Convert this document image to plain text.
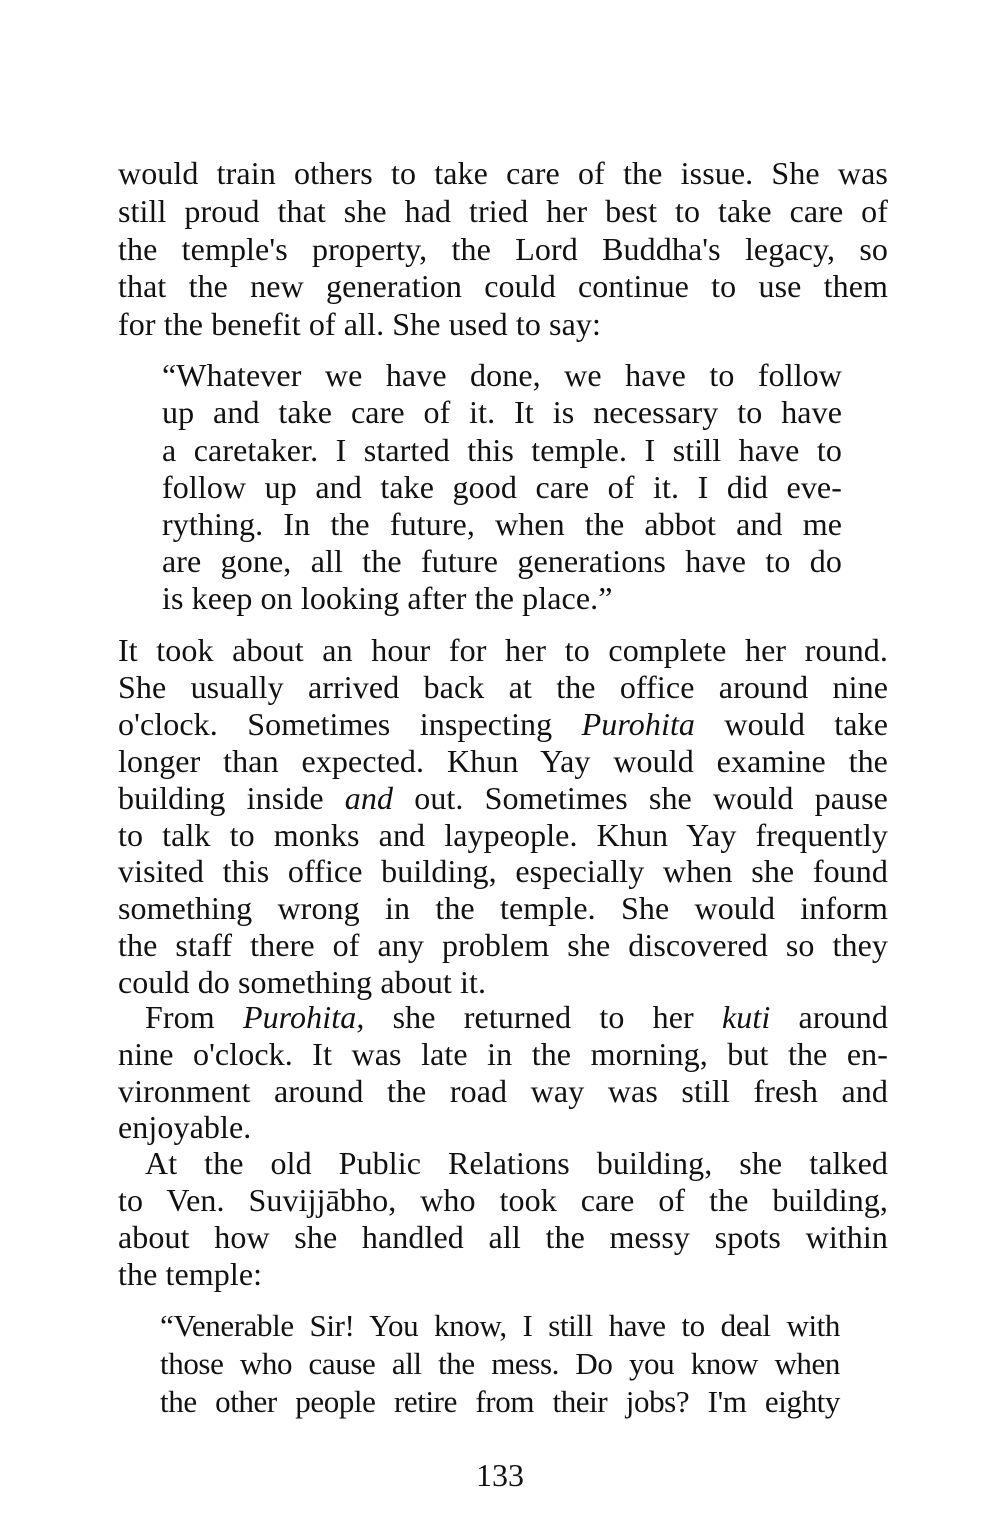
would train others to take care of the issue. She was
still proud that she had tried her best to take care of
the temple's property, the Lord Buddha's legacy, so
that the new generation could continue to use them
for the benefit of all. She used to say:
“Whatever we have done, we have to follow
up and take care of it. It is necessary to have
a caretaker. I started this temple. I still have to
follow up and take good care of it. I did eve-
rything. In the future, when the abbot and me
are gone, all the future generations have to do
is keep on looking after the place.”
It took about an hour for her to complete her round.
She usually arrived back at the office around nine
o'clock. Sometimes inspecting Purohita would take
longer than expected. Khun Yay would examine the
building inside and out. Sometimes she would pause
to talk to monks and laypeople. Khun Yay frequently
visited this office building, especially when she found
something wrong in the temple. She would inform
the staff there of any problem she discovered so they
could do something about it.
From Purohita, she returned to her kuti around
nine o'clock. It was late in the morning, but the en-
vironment around the road way was still fresh and
enjoyable.
At the old Public Relations building, she talked
to Ven. Suvijjābho, who took care of the building,
about how she handled all the messy spots within
the temple:
“Venerable Sir! You know, I still have to deal with
those who cause all the mess. Do you know when
the other people retire from their jobs? I'm eighty
133
